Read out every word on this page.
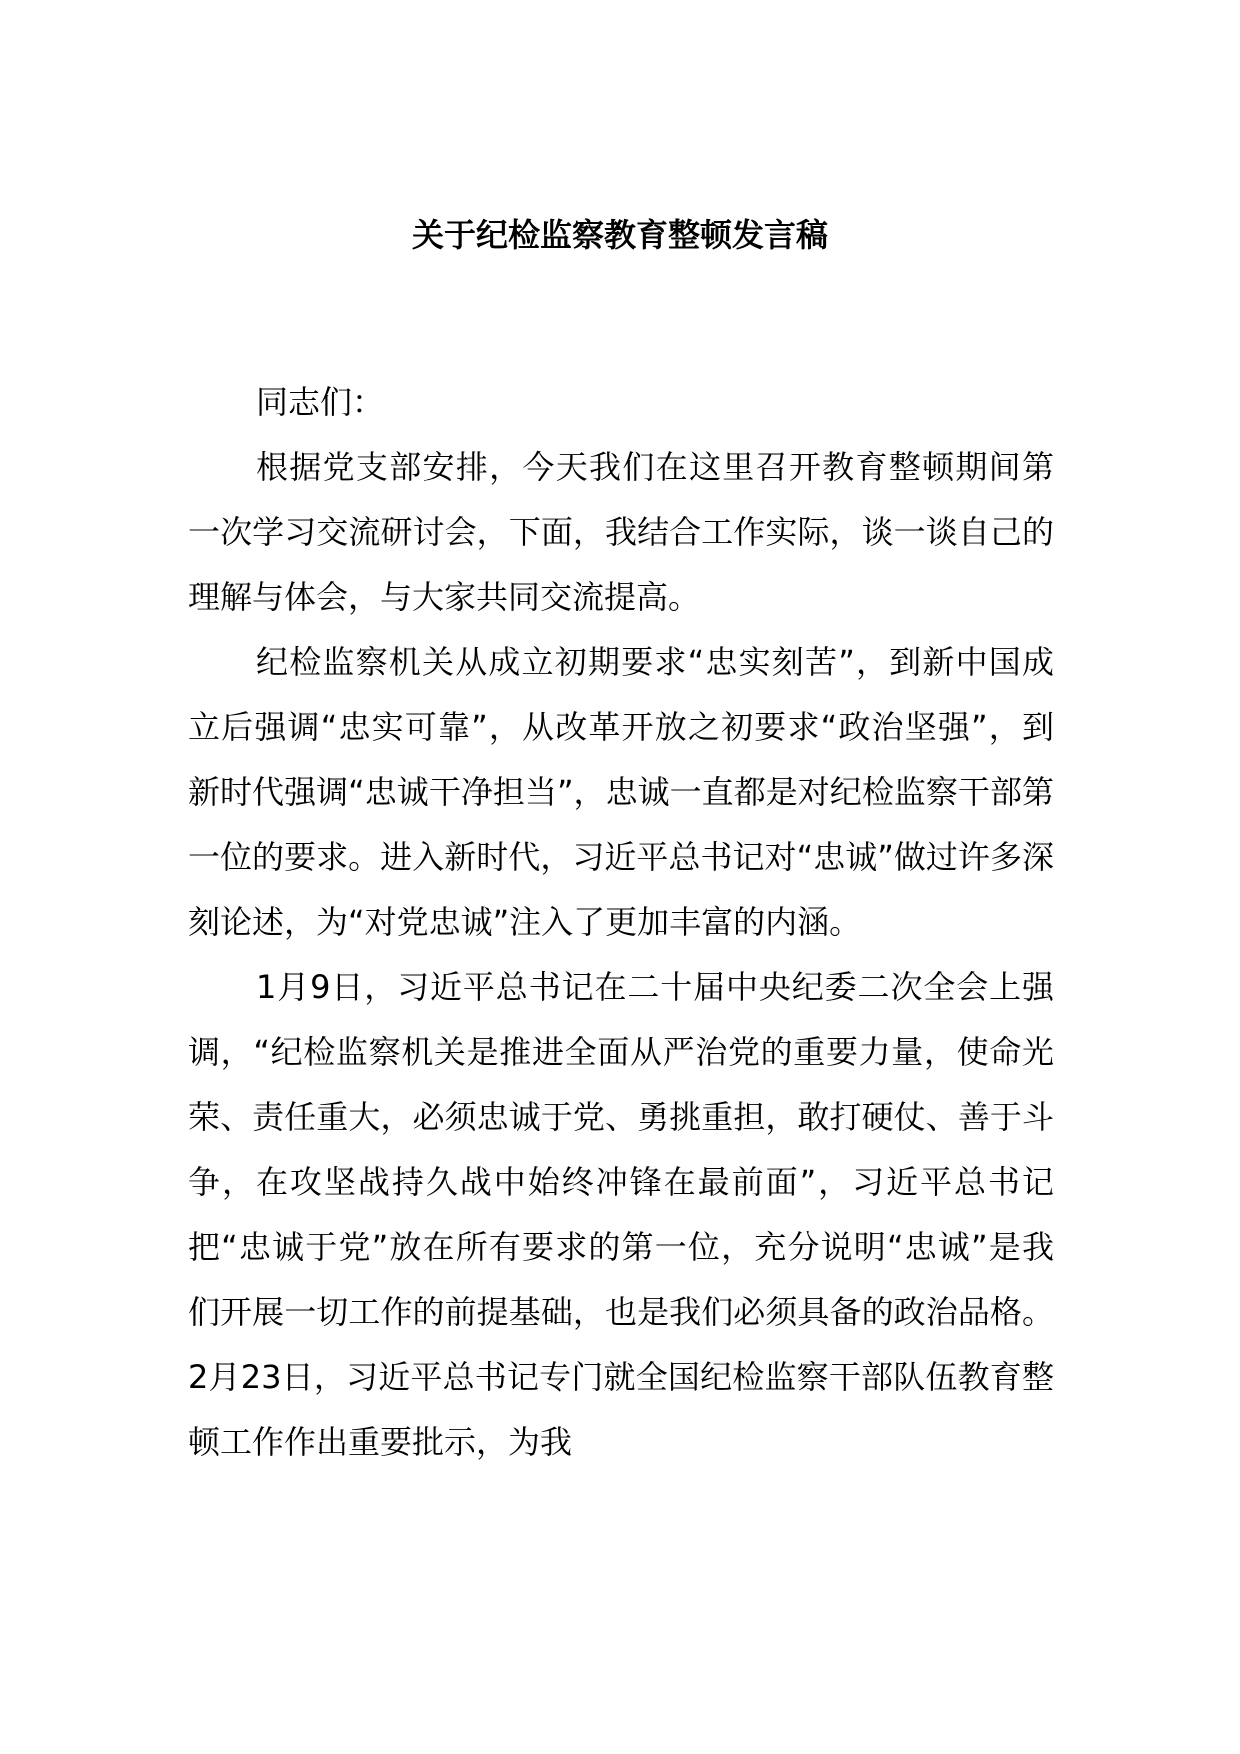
关于纪检监察教育整顿发言稿

同志们：

根据党支部安排，今天我们在这里召开教育整顿期间第一次学习交流研讨会，下面，我结合工作实际，谈一谈自己的理解与体会，与大家共同交流提高。

纪检监察机关从成立初期要求“忠实刻苦”，到新中国成立后强调“忠实可靠”，从改革开放之初要求“政治坚强”，到新时代强调“忠诚干净担当”，忠诚一直都是对纪检监察干部第一位的要求。进入新时代，习近平总书记对“忠诚”做过许多深刻论述，为“对党忠诚”注入了更加丰富的内涵。

1月9日，习近平总书记在二十届中央纪委二次全会上强调，“纪检监察机关是推进全面从严治党的重要力量，使命光荣、责任重大，必须忠诚于党、勇挑重担，敢打硬仗、善于斗争，在攻坚战持久战中始终冲锋在最前面”，习近平总书记把“忠诚于党”放在所有要求的第一位，充分说明“忠诚”是我们开展一切工作的前提基础，也是我们必须具备的政治品格。2月23日，习近平总书记专门就全国纪检监察干部队伍教育整顿工作作出重要批示，为我
